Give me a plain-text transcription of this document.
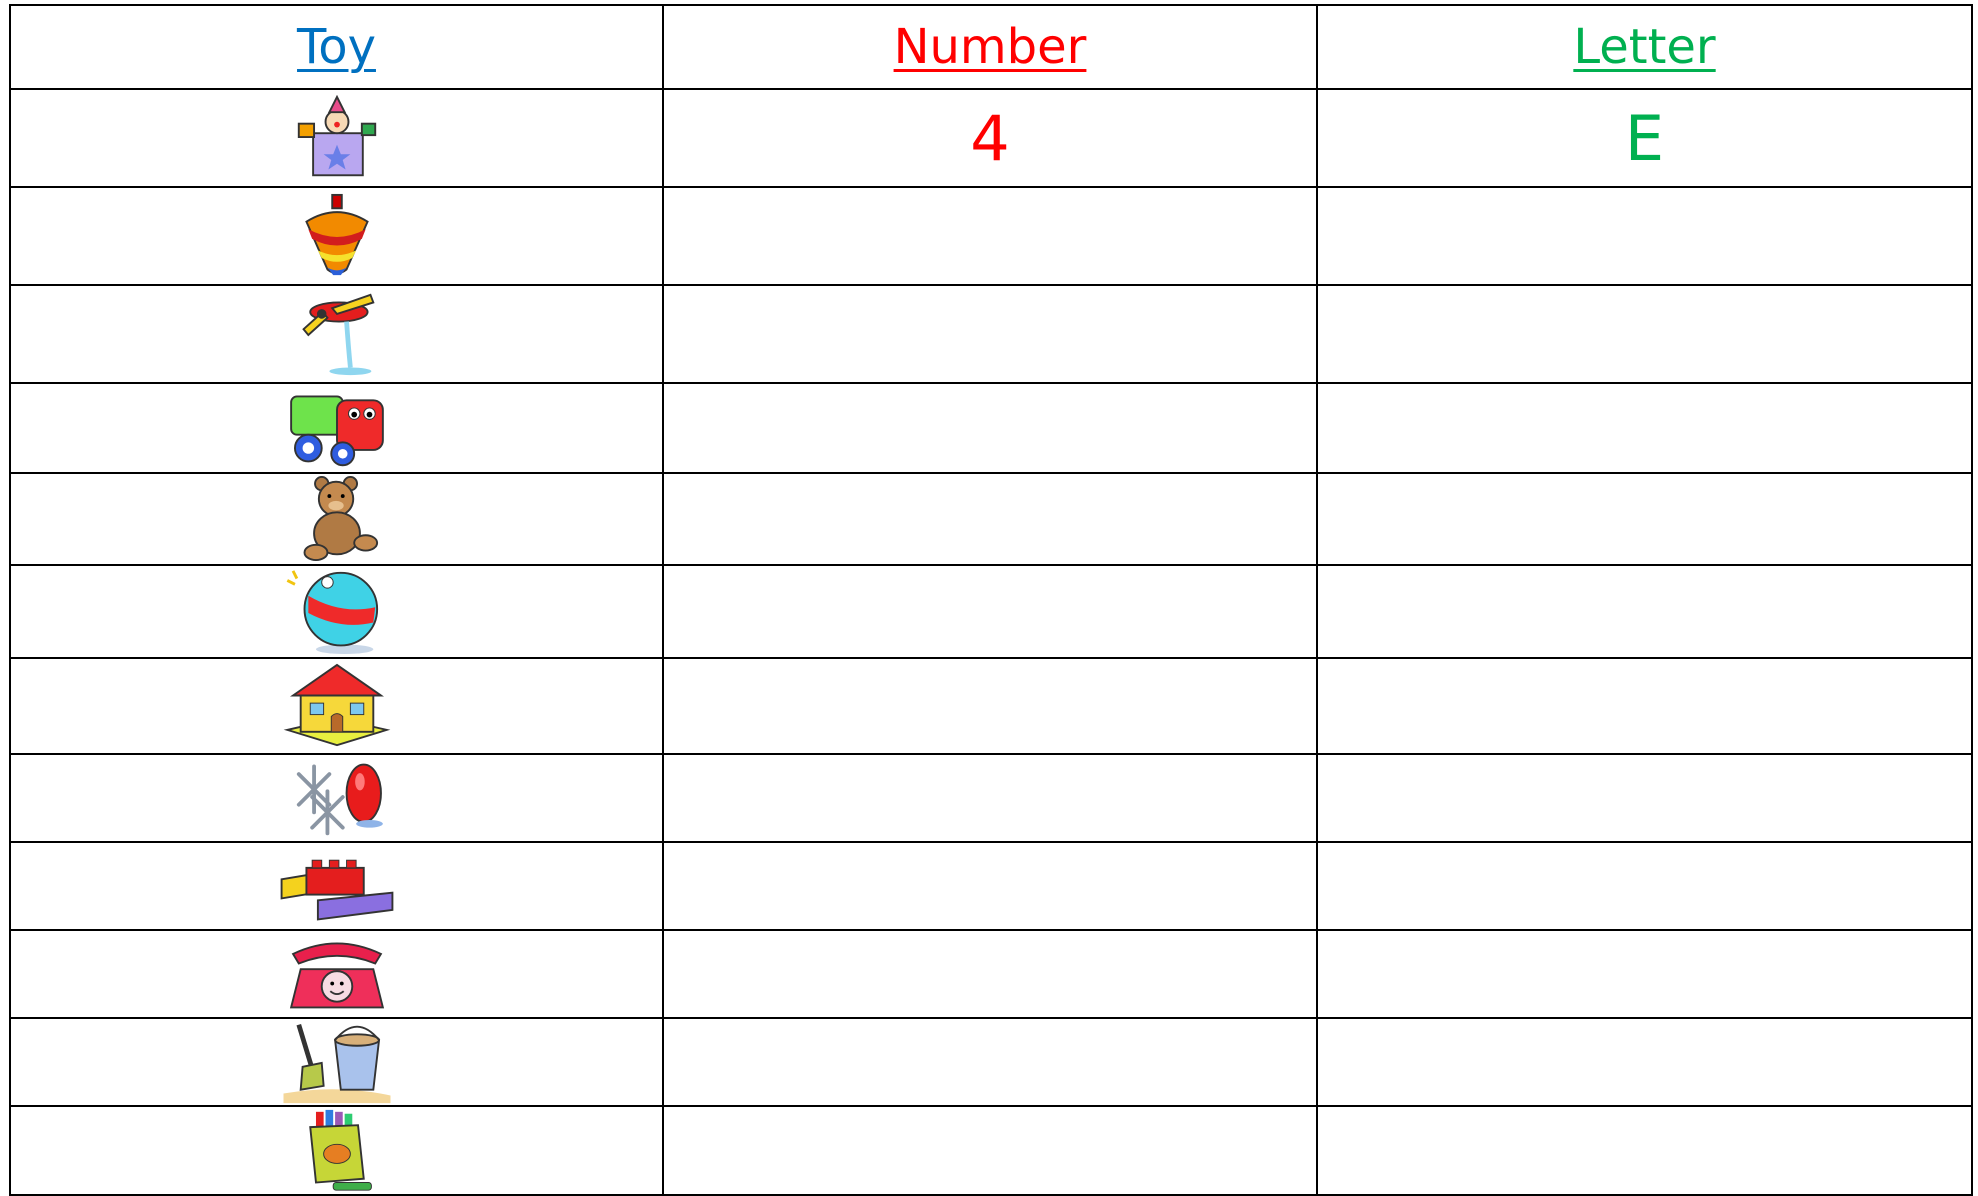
Toy	Number	Letter

	4	E
